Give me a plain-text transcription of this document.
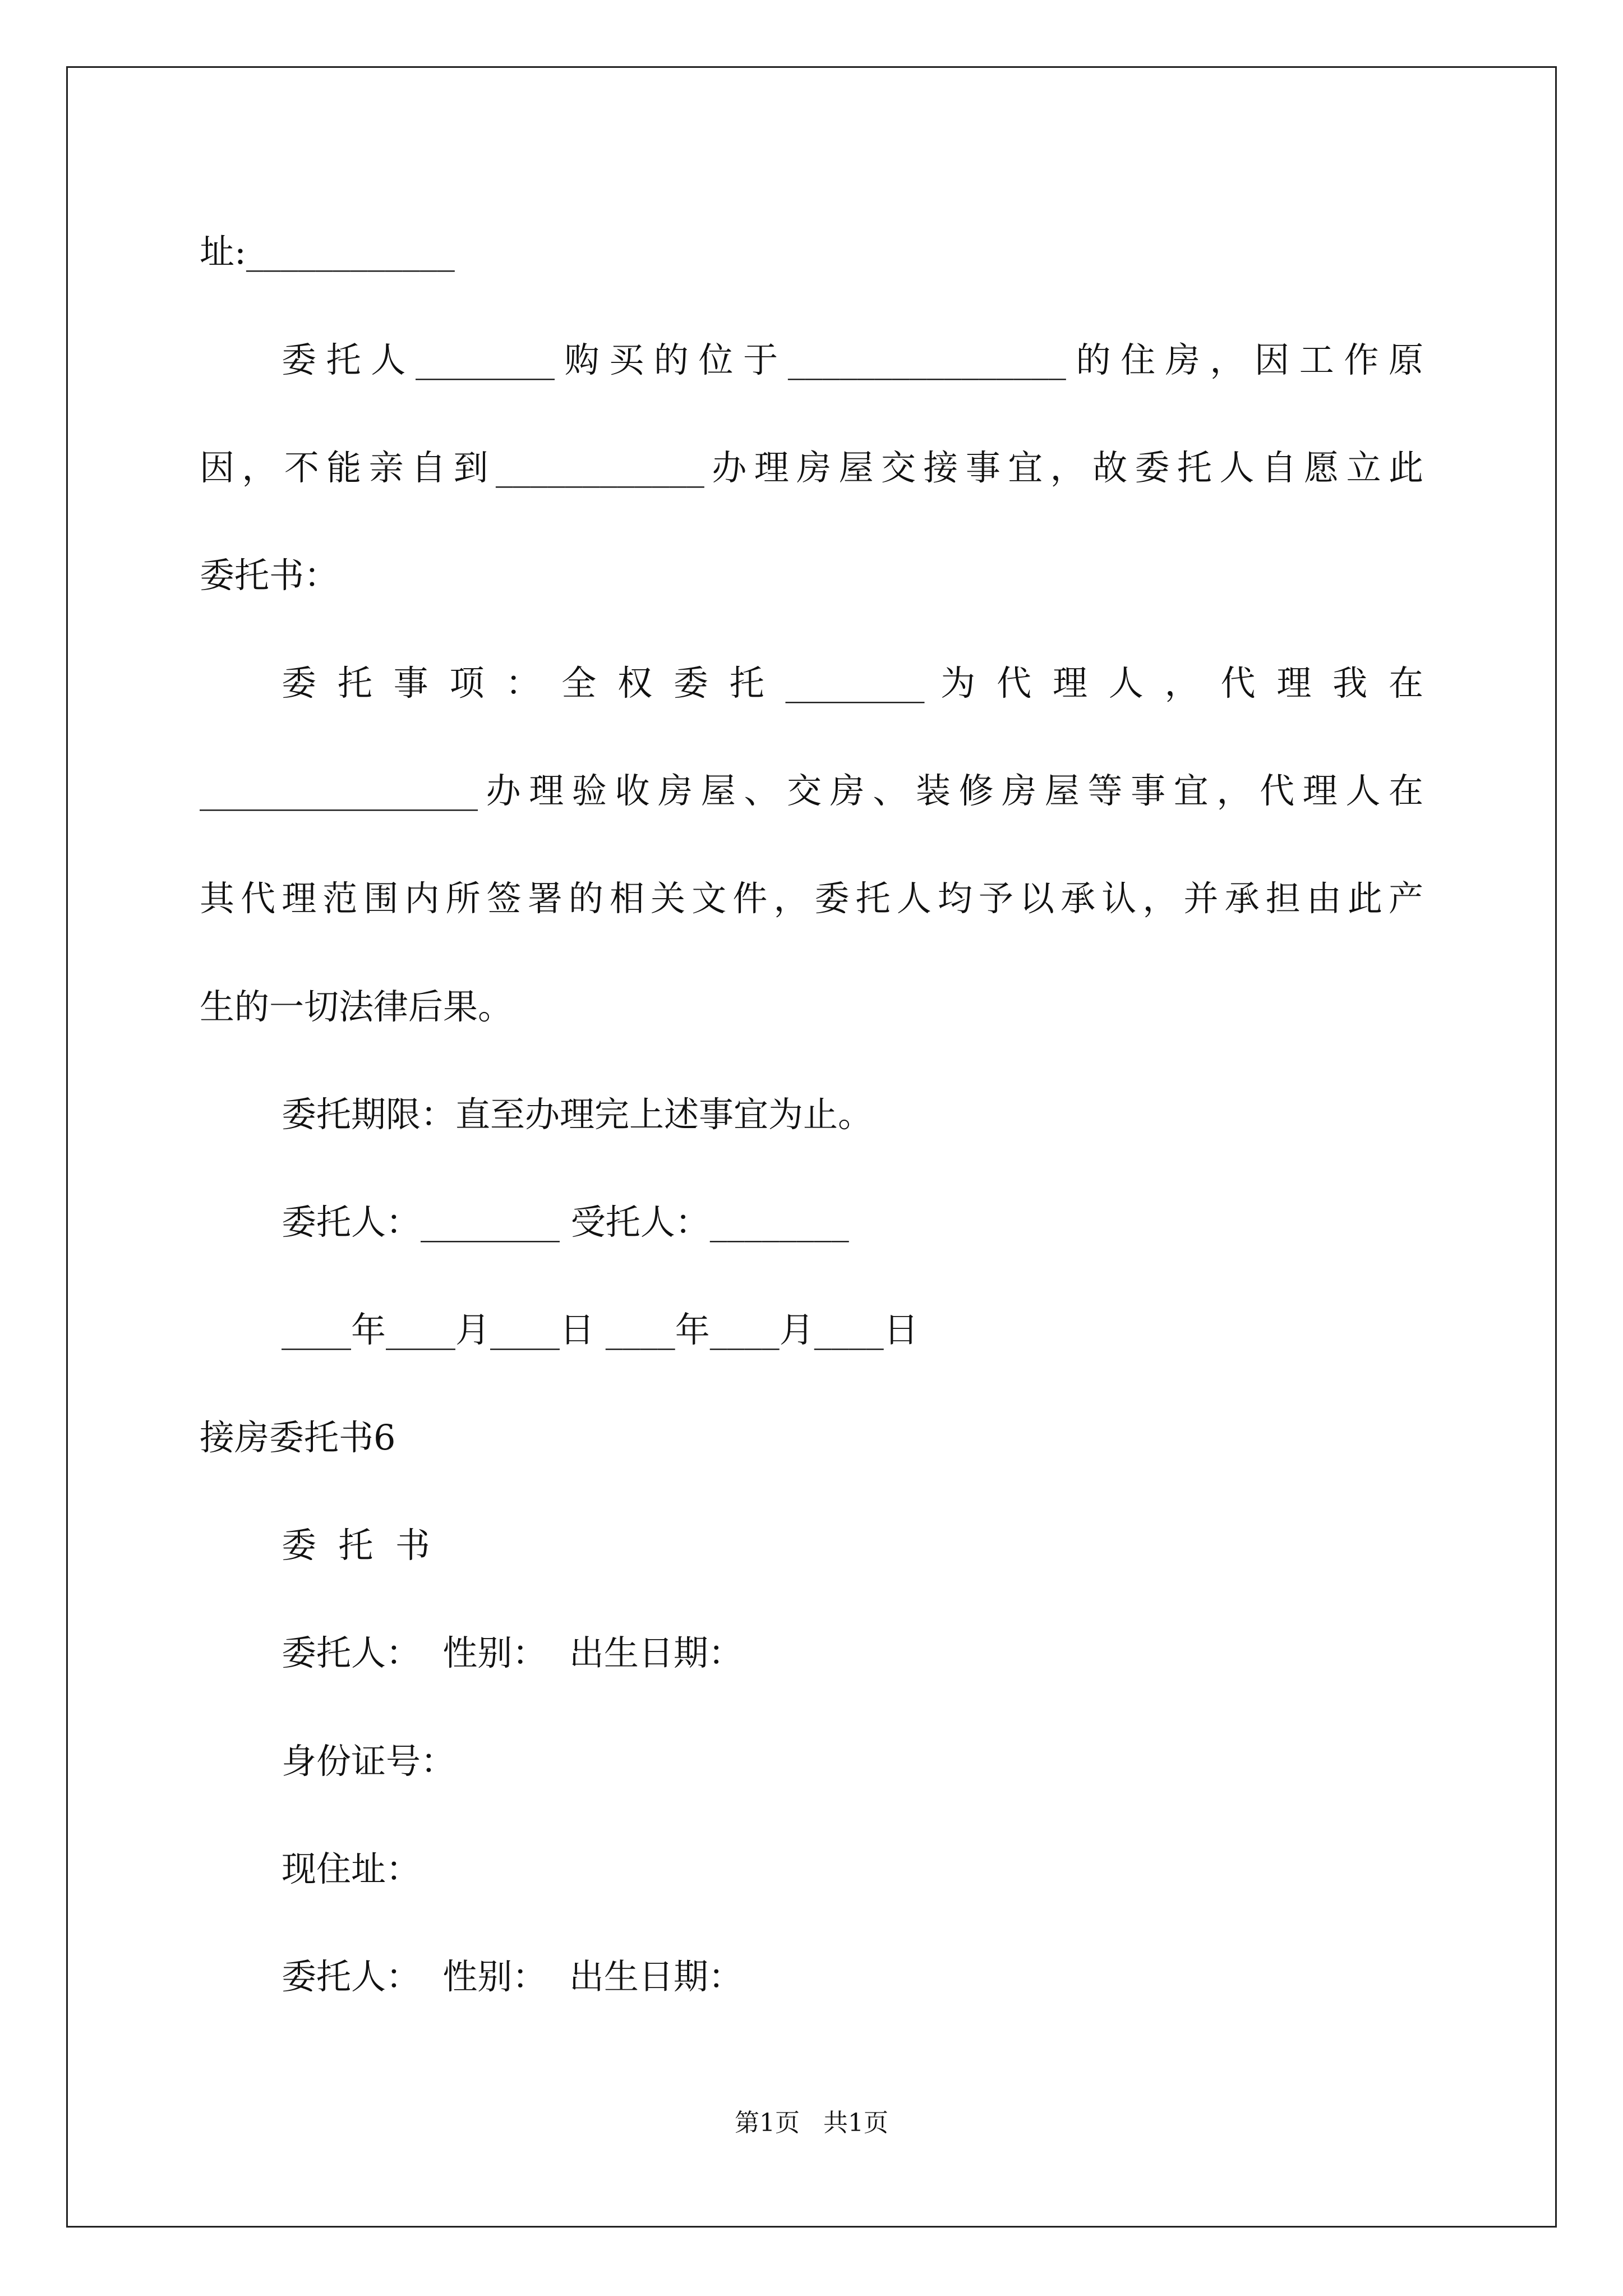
址:____________
委托人________购买的位于________________的住房，因工作原
因，不能亲自到____________办理房屋交接事宜，故委托人自愿立此
委托书：
委 托 事 项 ： 全 权 委 托 ________ 为 代 理 人 ， 代 理 我 在
________________办理验收房屋、交房、装修房屋等事宜，代理人在
其代理范围内所签署的相关文件，委托人均予以承认，并承担由此产
生的一切法律后果。
委托期限：直至办理完上述事宜为止。
委托人：________ 受托人：________
____年____月____日 ____年____月____日
接房委托书6
委  托  书
委托人：  性别：  出生日期：
身份证号：
现住址：
委托人：  性别：  出生日期：
第1页   共1页
